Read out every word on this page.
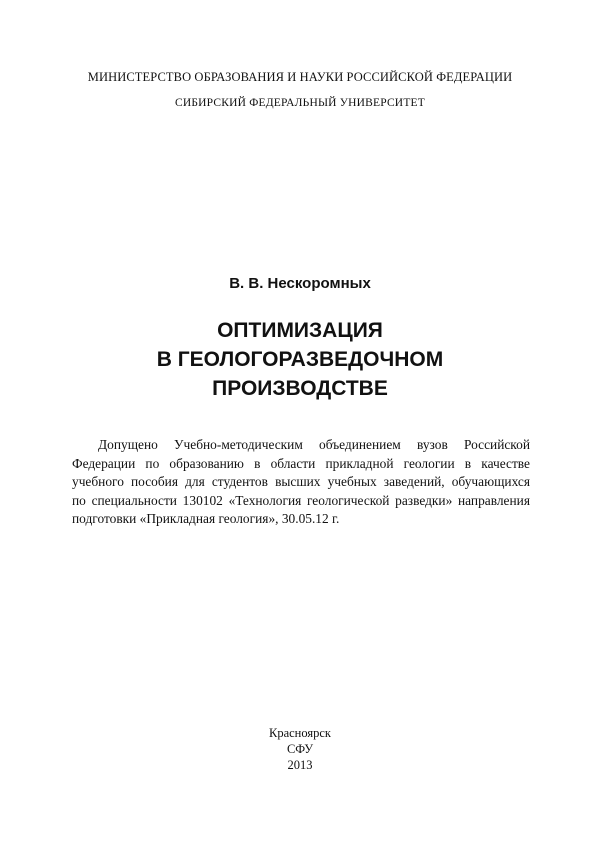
МИНИСТЕРСТВО ОБРАЗОВАНИЯ И НАУКИ РОССИЙСКОЙ ФЕДЕРАЦИИ
СИБИРСКИЙ ФЕДЕРАЛЬНЫЙ УНИВЕРСИТЕТ
В. В. Нескоромных
ОПТИМИЗАЦИЯ
В ГЕОЛОГОРАЗВЕДОЧНОМ
ПРОИЗВОДСТВЕ
Допущено Учебно-методическим объединением вузов Российской
Федерации по образованию в области прикладной геологии в качестве
учебного пособия для студентов высших учебных заведений, обучающихся
по специальности 130102 «Технология геологической разведки» направления
подготовки «Прикладная геология», 30.05.12 г.
Красноярск
СФУ
2013
